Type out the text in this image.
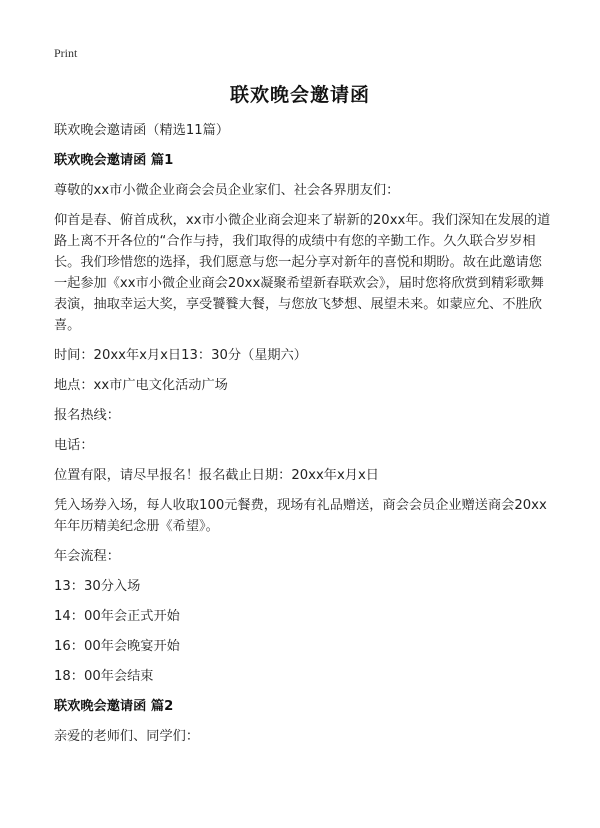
Print
联欢晚会邀请函

联欢晚会邀请函（精选11篇）

联欢晚会邀请函 篇1

尊敬的xx市小微企业商会会员企业家们、社会各界朋友们：

仰首是春、俯首成秋，xx市小微企业商会迎来了崭新的20xx年。我们深知在发展的道路上离不开各位的“合作与持，我们取得的成绩中有您的辛勤工作。久久联合岁岁相长。我们珍惜您的选择，我们愿意与您一起分享对新年的喜悦和期盼。故在此邀请您一起参加《xx市小微企业商会20xx凝聚希望新春联欢会》，届时您将欣赏到精彩歌舞表演，抽取幸运大奖，享受饕餮大餐，与您放飞梦想、展望未来。如蒙应允、不胜欣喜。

时间：20xx年x月x日13：30分（星期六）

地点：xx市广电文化活动广场

报名热线：

电话：

位置有限，请尽早报名！报名截止日期：20xx年x月x日

凭入场券入场，每人收取100元餐费，现场有礼品赠送，商会会员企业赠送商会20xx年年历精美纪念册《希望》。

年会流程：

13：30分入场

14：00年会正式开始

16：00年会晚宴开始

18：00年会结束

联欢晚会邀请函 篇2

亲爱的老师们、同学们：
